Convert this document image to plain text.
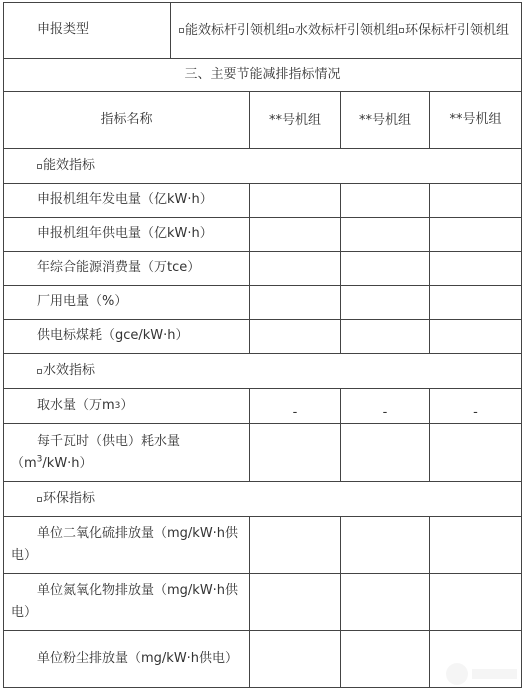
申报类型	能效标杆引领机组 水效标杆引领机组 环保标杆引领机组
三、主要节能减排指标情况
指标名称	**号机组	**号机组	**号机组
能效指标
申报机组年发电量（亿kW·h）
申报机组年供电量（亿kW·h）
年综合能源消费量（万tce）
厂用电量（%）
供电标煤耗（gce/kW·h）
水效指标
取水量（万m 3 ）	-	-	-
每千瓦时（供电）耗水量
$(m^3/kW\cdot h)$
环保指标
单位二氧化硫排放量（mg/kW·h供电）
单位氮氧化物排放量（mg/kW·h供电）
单位粉尘排放量（mg/kW·h供电）
